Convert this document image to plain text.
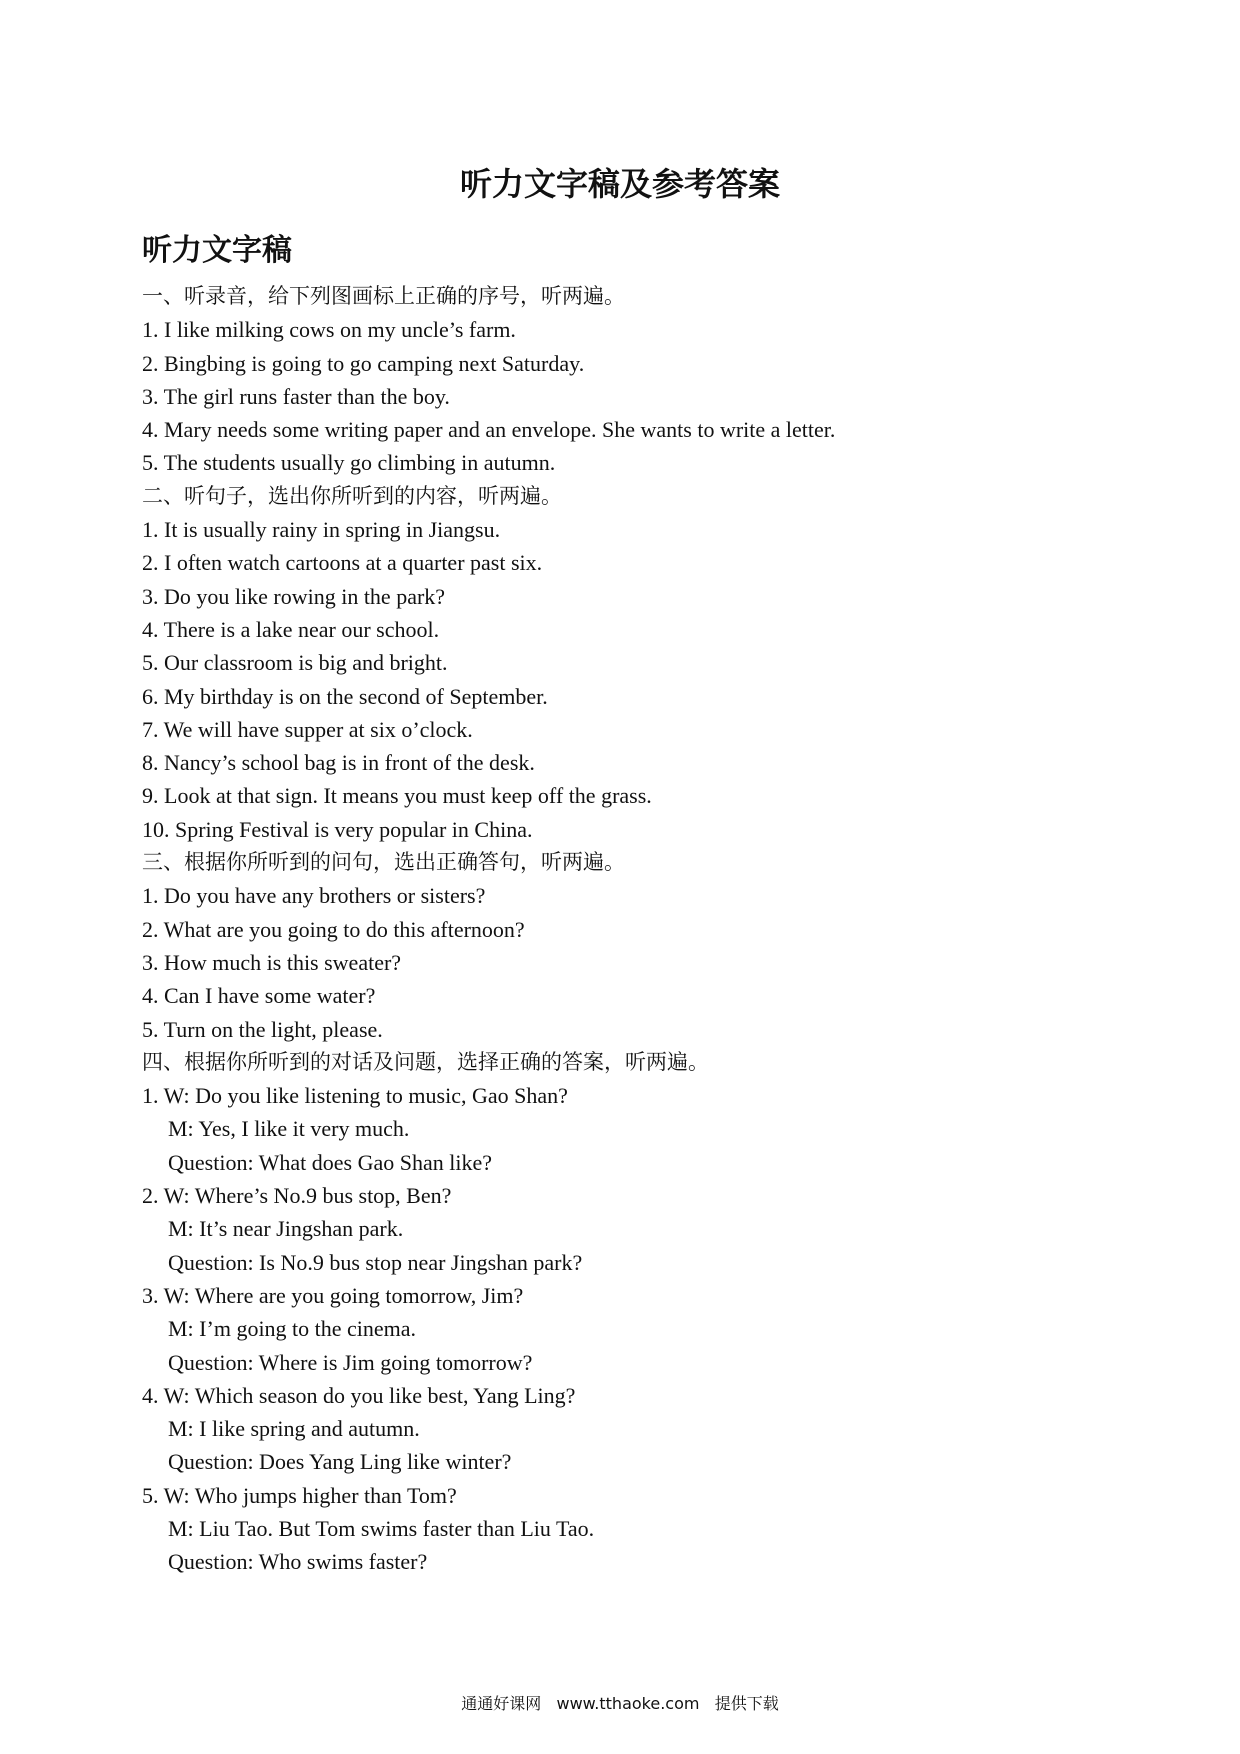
听力文字稿及参考答案
听力文字稿
一、听录音，给下列图画标上正确的序号，听两遍。
1. I like milking cows on my uncle’s farm.
2. Bingbing is going to go camping next Saturday.
3. The girl runs faster than the boy.
4. Mary needs some writing paper and an envelope. She wants to write a letter.
5. The students usually go climbing in autumn.
二、听句子，选出你所听到的内容，听两遍。
1. It is usually rainy in spring in Jiangsu.
2. I often watch cartoons at a quarter past six.
3. Do you like rowing in the park?
4. There is a lake near our school.
5. Our classroom is big and bright.
6. My birthday is on the second of September.
7. We will have supper at six o’clock.
8. Nancy’s school bag is in front of the desk.
9. Look at that sign. It means you must keep off the grass.
10. Spring Festival is very popular in China.
三、根据你所听到的问句，选出正确答句，听两遍。
1. Do you have any brothers or sisters?
2. What are you going to do this afternoon?
3. How much is this sweater?
4. Can I have some water?
5. Turn on the light, please.
四、根据你所听到的对话及问题，选择正确的答案，听两遍。
1. W: Do you like listening to music, Gao Shan?
M: Yes, I like it very much.
Question: What does Gao Shan like?
2. W: Where’s No.9 bus stop, Ben?
M: It’s near Jingshan park.
Question: Is No.9 bus stop near Jingshan park?
3. W: Where are you going tomorrow, Jim?
M: I’m going to the cinema.
Question: Where is Jim going tomorrow?
4. W: Which season do you like best, Yang Ling?
M: I like spring and autumn.
Question: Does Yang Ling like winter?
5. W: Who jumps higher than Tom?
M: Liu Tao. But Tom swims faster than Liu Tao.
Question: Who swims faster?
通通好课网   www.tthaoke.com   提供下载
